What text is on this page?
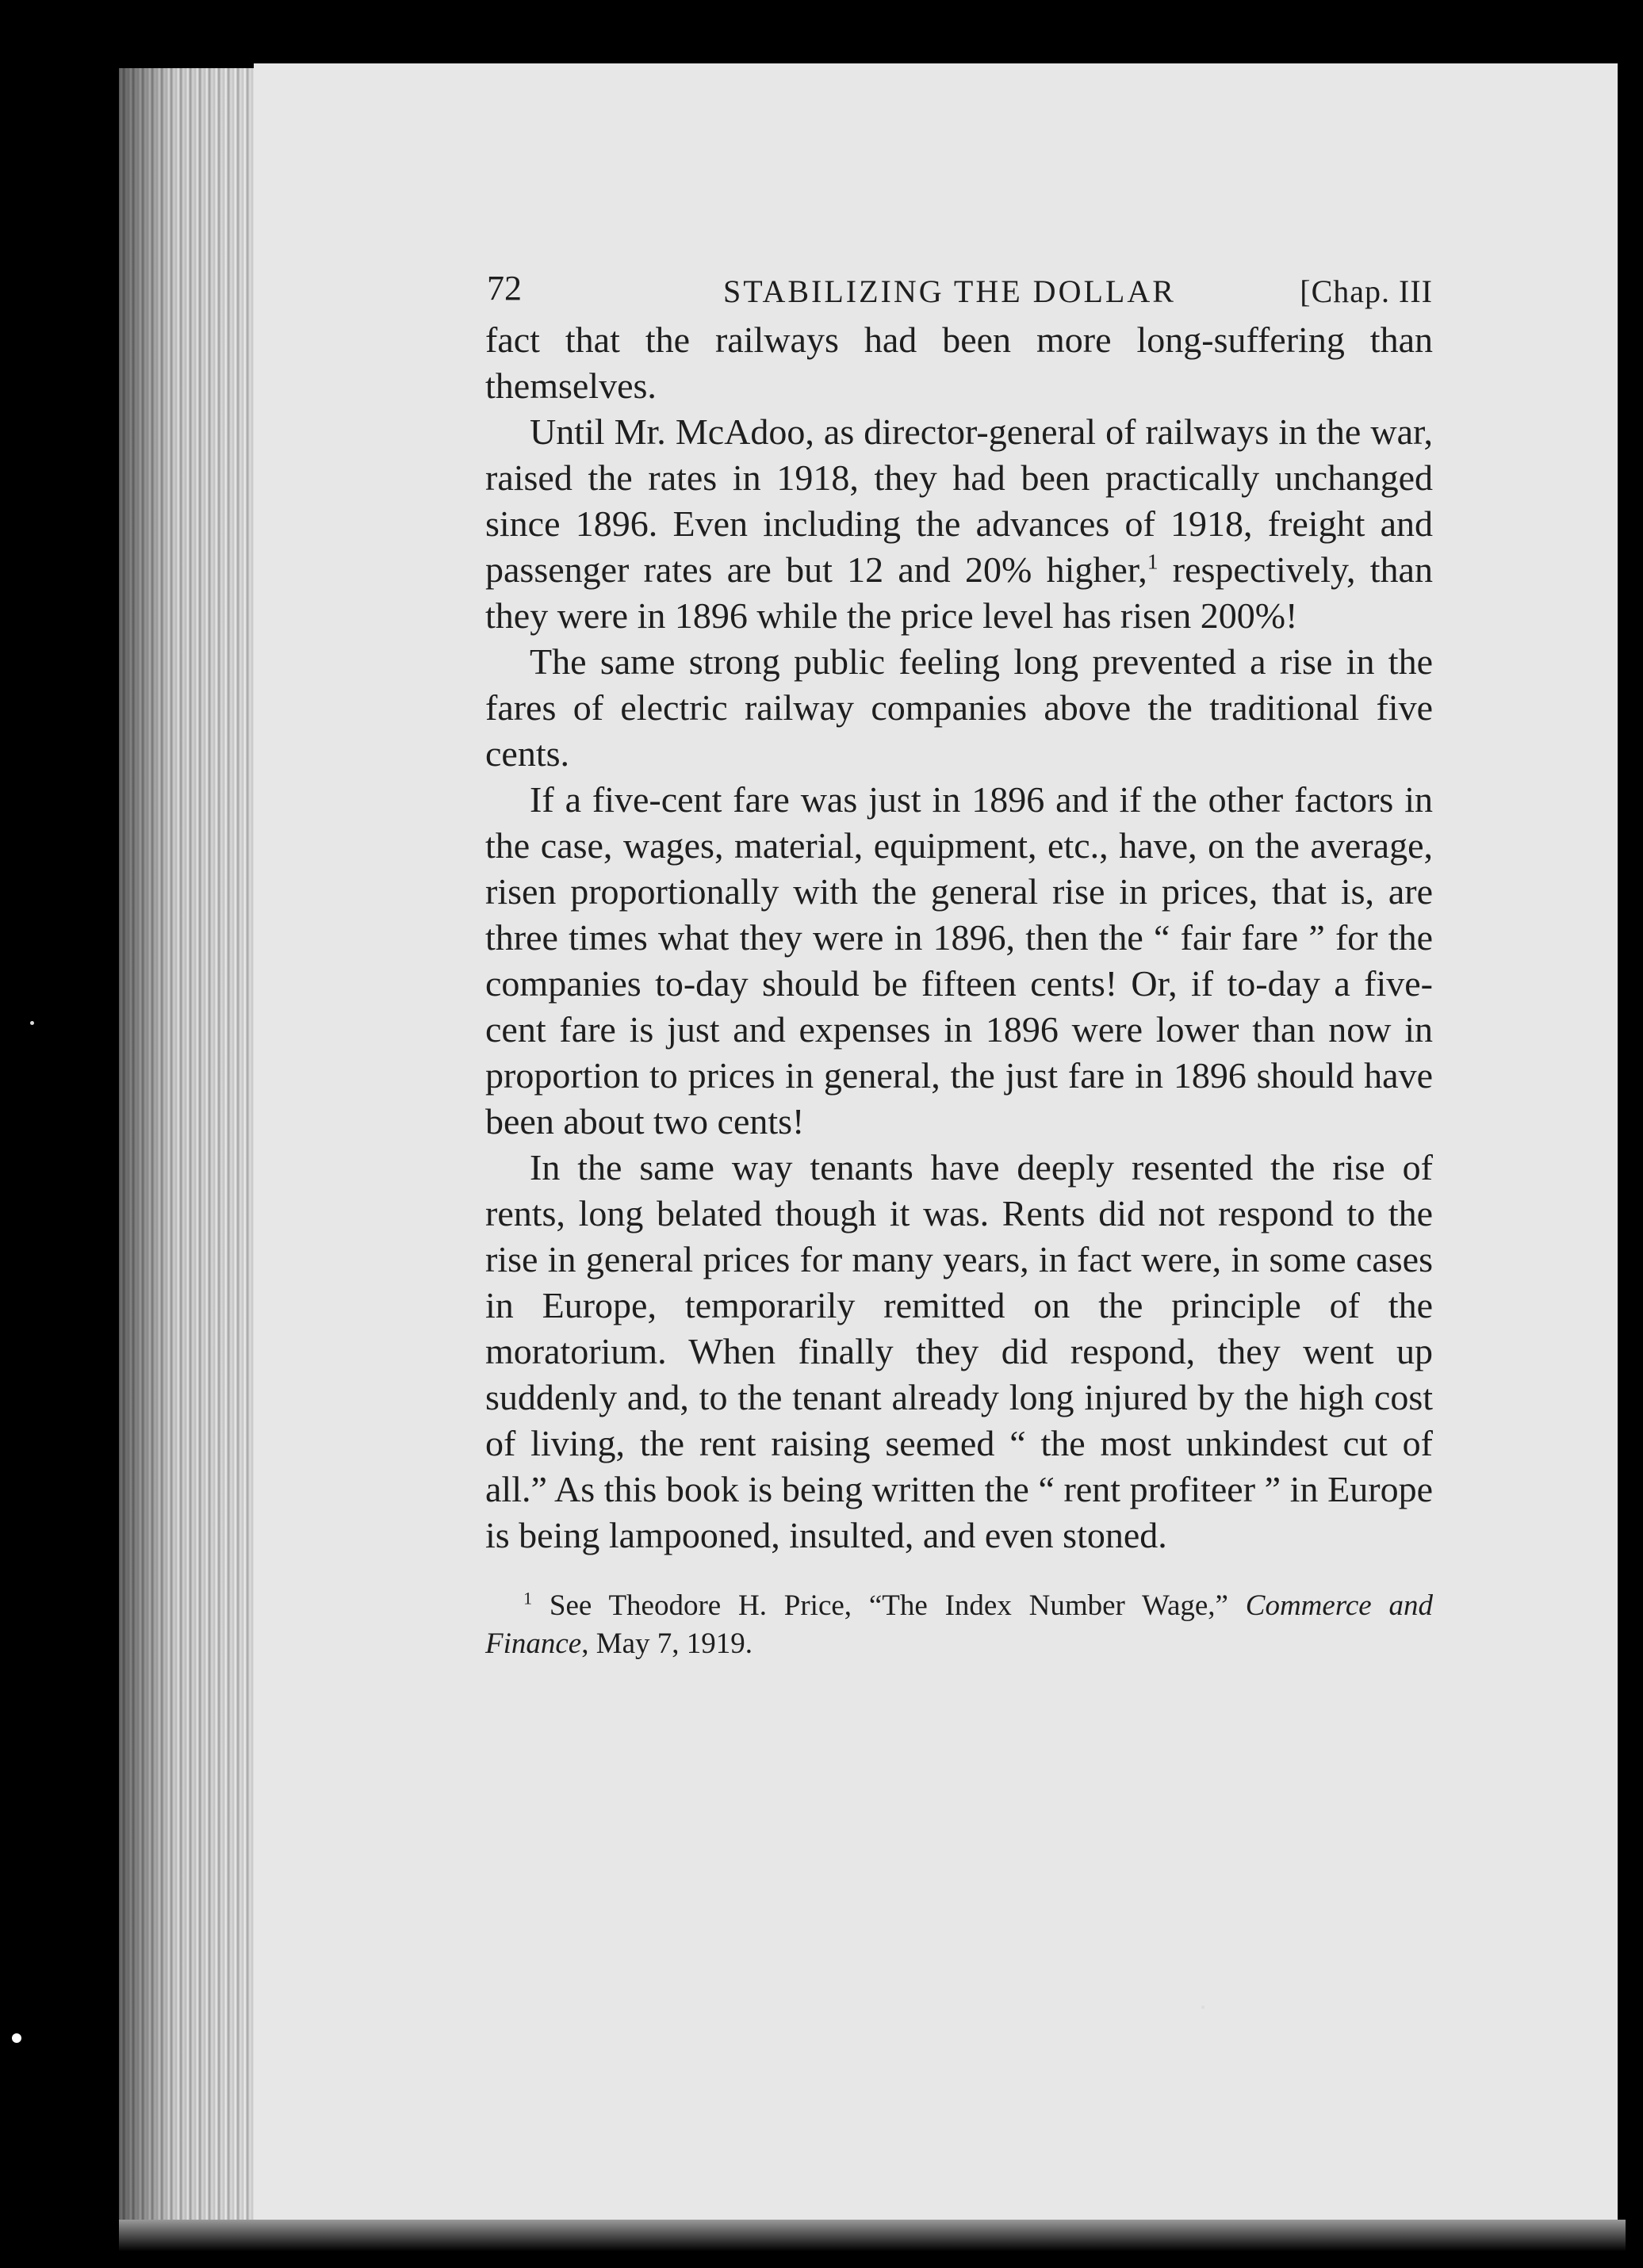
72	STABILIZING THE DOLLAR	[Chap. III

fact that the railways had been more long-suffering than themselves.

Until Mr. McAdoo, as director-general of railways in the war, raised the rates in 1918, they had been practically unchanged since 1896. Even including the advances of 1918, freight and passenger rates are but 12 and 20% higher,$^1$ respectively, than they were in 1896 while the price level has risen 200%!

The same strong public feeling long prevented a rise in the fares of electric railway companies above the traditional five cents.

If a five-cent fare was just in 1896 and if the other factors in the case, wages, material, equipment, etc., have, on the average, risen proportionally with the general rise in prices, that is, are three times what they were in 1896, then the “ fair fare ” for the companies to-day should be fifteen cents! Or, if to-day a five-cent fare is just and expenses in 1896 were lower than now in proportion to prices in general, the just fare in 1896 should have been about two cents!

In the same way tenants have deeply resented the rise of rents, long belated though it was. Rents did not respond to the rise in general prices for many years, in fact were, in some cases in Europe, temporarily remitted on the principle of the moratorium. When finally they did respond, they went up suddenly and, to the tenant already long injured by the high cost of living, the rent raising seemed “ the most unkindest cut of all.” As this book is being written the “ rent profiteer ” in Europe is being lampooned, insulted, and even stoned.

$^1$ See Theodore H. Price, “The Index Number Wage,” Commerce and Finance, May 7, 1919.
